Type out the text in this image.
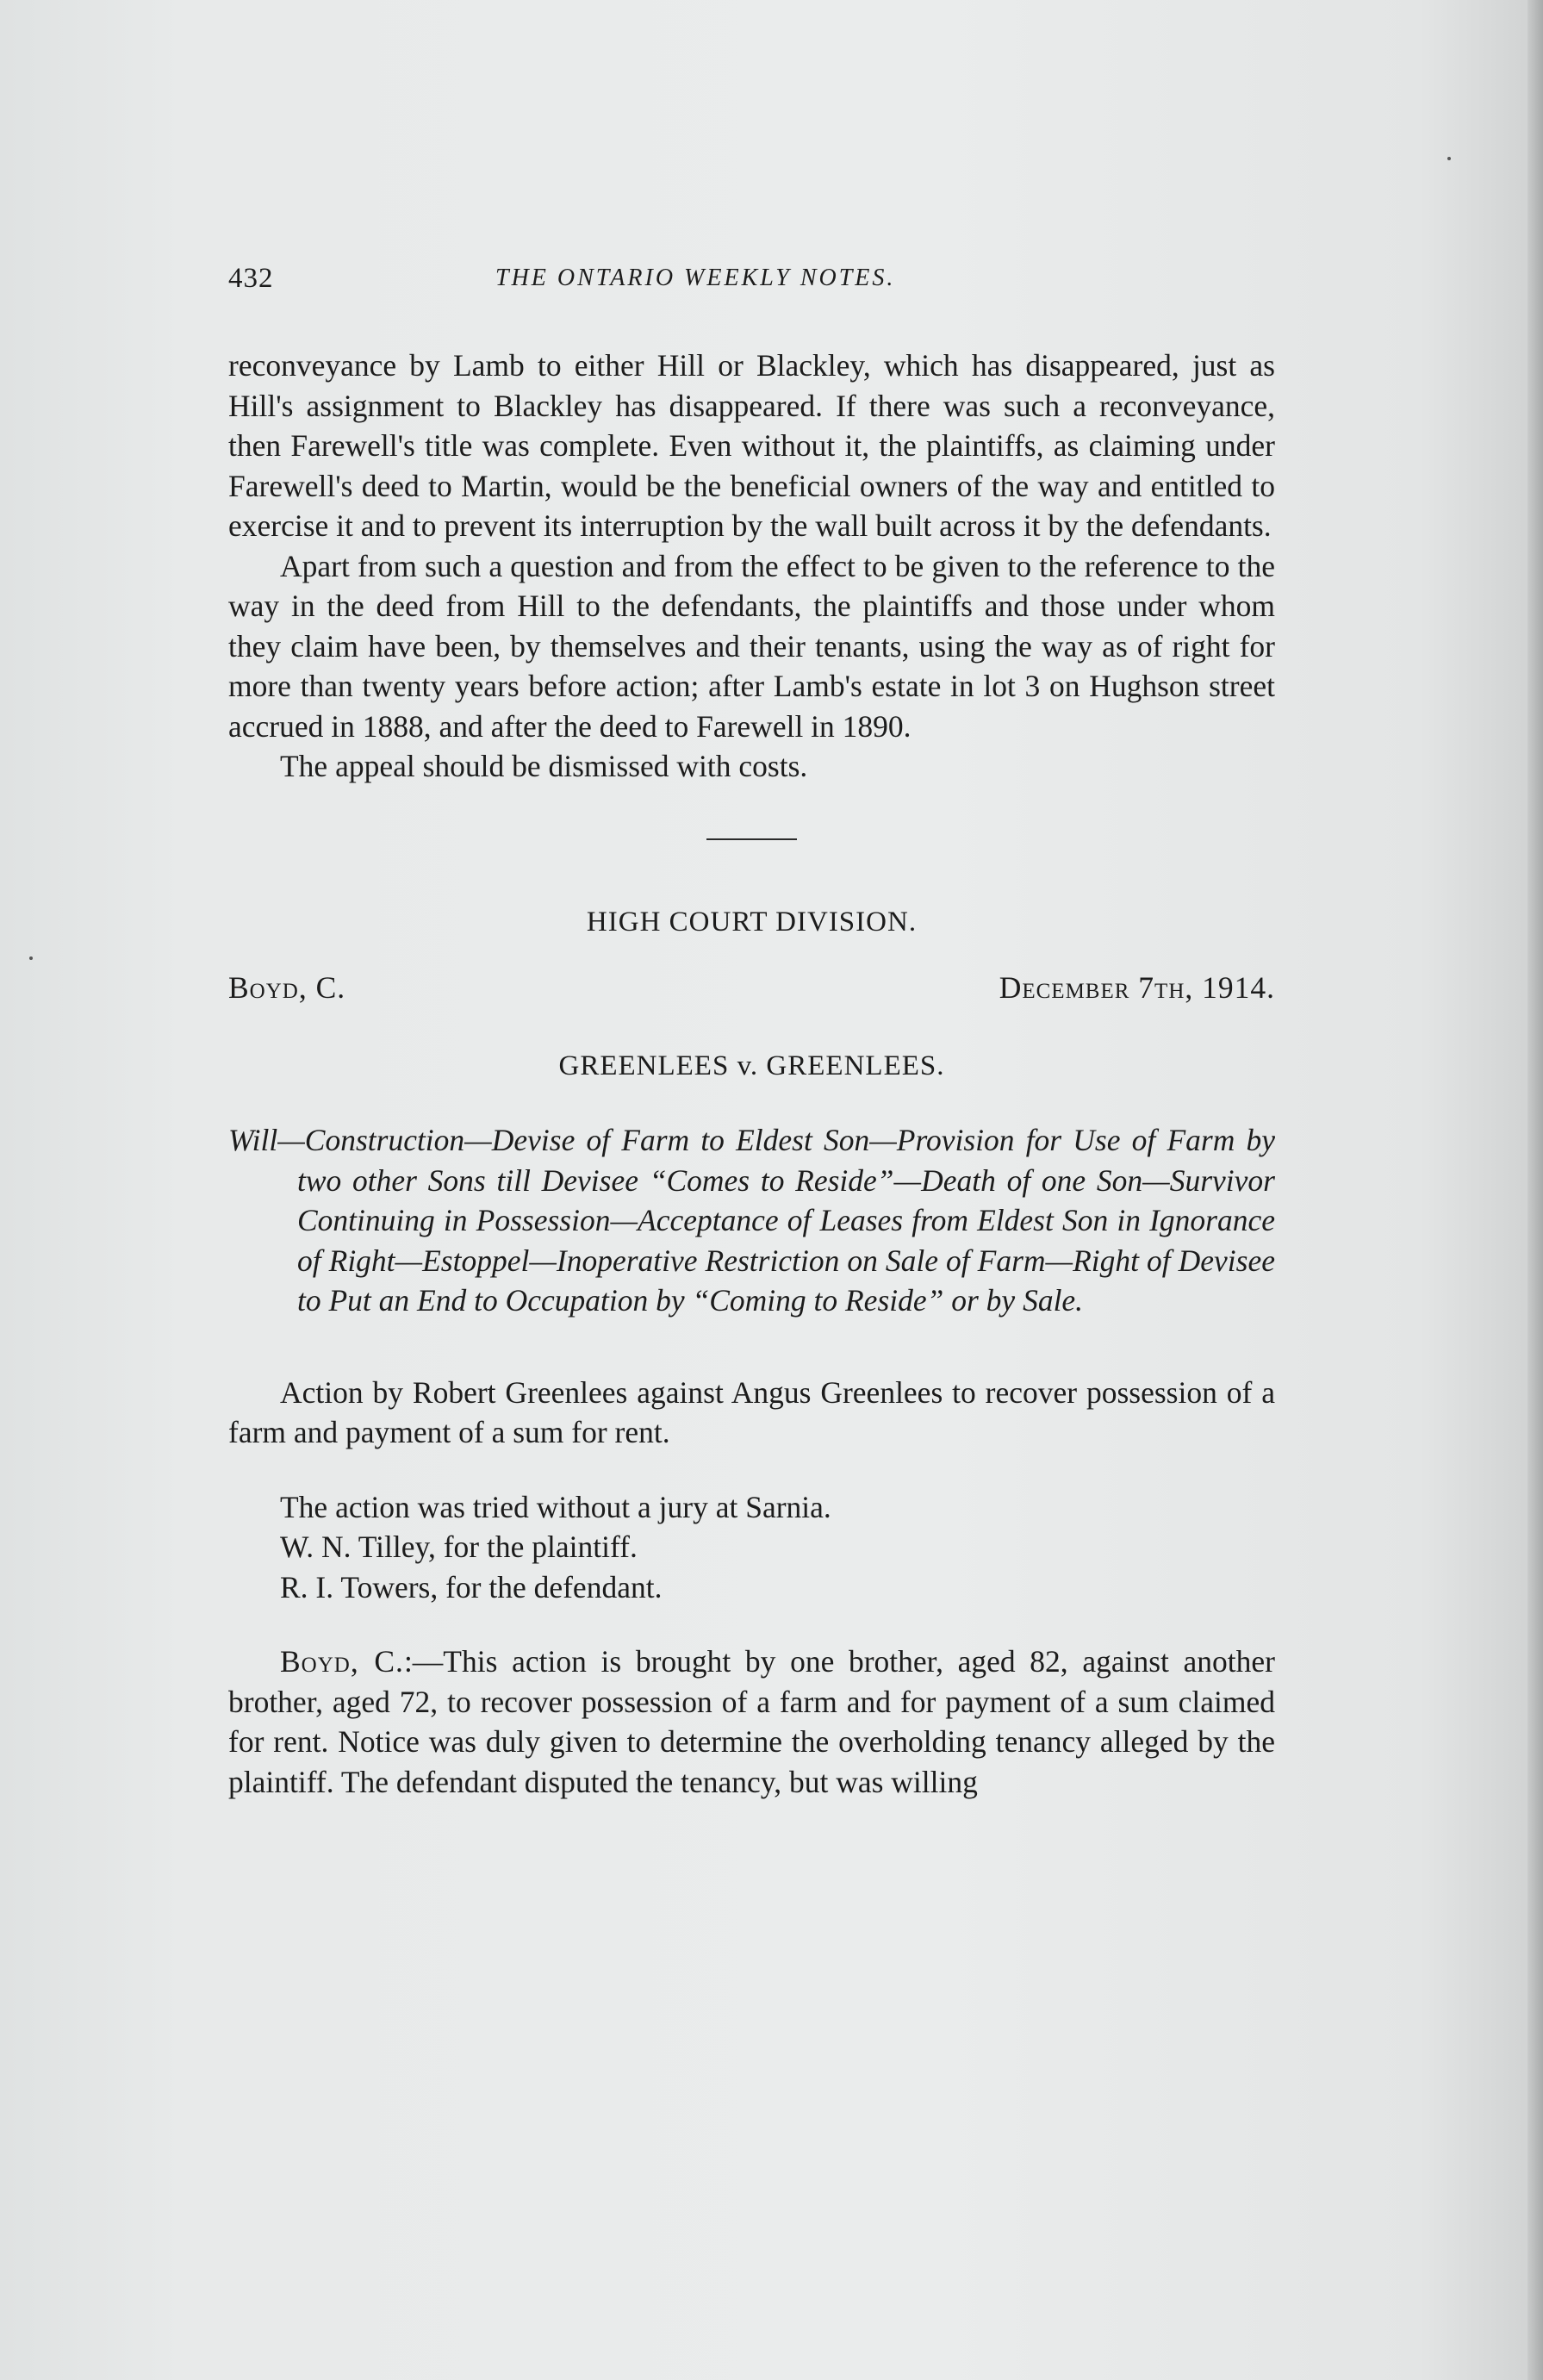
432	THE ONTARIO WEEKLY NOTES.

reconveyance by Lamb to either Hill or Blackley, which has disappeared, just as Hill's assignment to Blackley has disappeared. If there was such a reconveyance, then Farewell's title was complete. Even without it, the plaintiffs, as claiming under Farewell's deed to Martin, would be the beneficial owners of the way and entitled to exercise it and to prevent its interruption by the wall built across it by the defendants.

Apart from such a question and from the effect to be given to the reference to the way in the deed from Hill to the defendants, the plaintiffs and those under whom they claim have been, by themselves and their tenants, using the way as of right for more than twenty years before action; after Lamb's estate in lot 3 on Hughson street accrued in 1888, and after the deed to Farewell in 1890.

The appeal should be dismissed with costs.

HIGH COURT DIVISION.
Boyd, C.	December 7th, 1914.
GREENLEES v. GREENLEES.

Will—Construction—Devise of Farm to Eldest Son—Provision for Use of Farm by two other Sons till Devisee “Comes to Reside”—Death of one Son—Survivor Continuing in Possession—Acceptance of Leases from Eldest Son in Ignorance of Right—Estoppel—Inoperative Restriction on Sale of Farm—Right of Devisee to Put an End to Occupation by “Coming to Reside” or by Sale.

Action by Robert Greenlees against Angus Greenlees to recover possession of a farm and payment of a sum for rent.

The action was tried without a jury at Sarnia.

W. N. Tilley, for the plaintiff.

R. I. Towers, for the defendant.

Boyd, C.:—This action is brought by one brother, aged 82, against another brother, aged 72, to recover possession of a farm and for payment of a sum claimed for rent. Notice was duly given to determine the overholding tenancy alleged by the plaintiff. The defendant disputed the tenancy, but was willing
